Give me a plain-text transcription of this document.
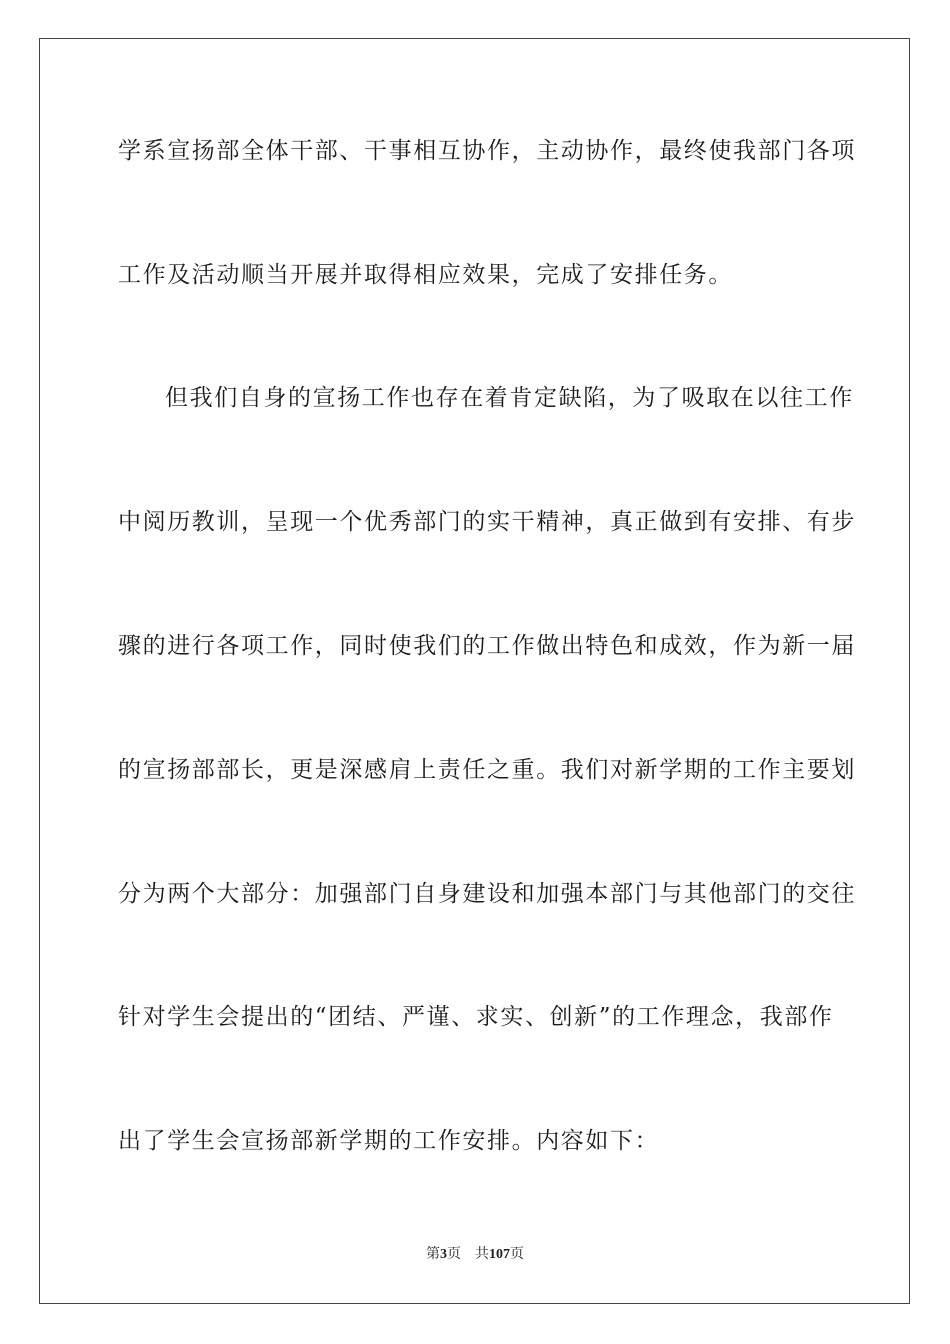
学系宣扬部全体干部、干事相互协作，主动协作，最终使我部门各项
工作及活动顺当开展并取得相应效果，完成了安排任务。
但我们自身的宣扬工作也存在着肯定缺陷，为了吸取在以往工作
中阅历教训，呈现一个优秀部门的实干精神，真正做到有安排、有步
骤的进行各项工作，同时使我们的工作做出特色和成效，作为新一届
的宣扬部部长，更是深感肩上责任之重。我们对新学期的工作主要划
分为两个大部分：加强部门自身建设和加强本部门与其他部门的交往
针对学生会提出的“团结、严谨、求实、创新”的工作理念，我部作
出了学生会宣扬部新学期的工作安排。内容如下：
第3页 共107页
